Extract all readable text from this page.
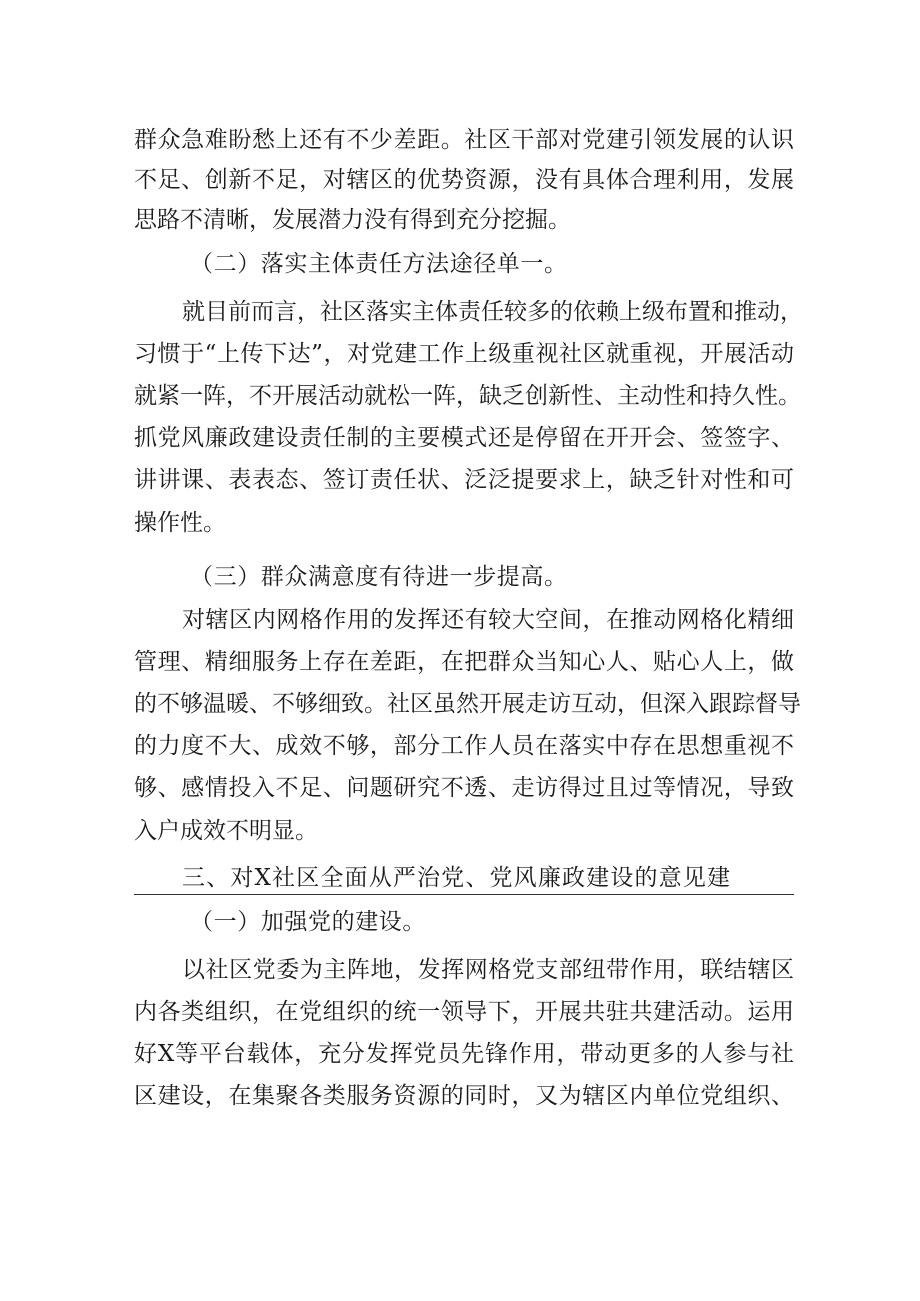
群众急难盼愁上还有不少差距。社区干部对党建引领发展的认识
不足、创新不足，对辖区的优势资源，没有具体合理利用，发展
思路不清晰，发展潜力没有得到充分挖掘。
（二）落实主体责任方法途径单一。
就目前而言，社区落实主体责任较多的依赖上级布置和推动，
习惯于“上传下达”，对党建工作上级重视社区就重视，开展活动
就紧一阵，不开展活动就松一阵，缺乏创新性、主动性和持久性。
抓党风廉政建设责任制的主要模式还是停留在开开会、签签字、
讲讲课、表表态、签订责任状、泛泛提要求上，缺乏针对性和可
操作性。
（三）群众满意度有待进一步提高。
对辖区内网格作用的发挥还有较大空间，在推动网格化精细
管理、精细服务上存在差距，在把群众当知心人、贴心人上，做
的不够温暖、不够细致。社区虽然开展走访互动，但深入跟踪督导
的力度不大、成效不够，部分工作人员在落实中存在思想重视不
够、感情投入不足、问题研究不透、走访得过且过等情况，导致
入户成效不明显。
三、对X社区全面从严治党、党风廉政建设的意见建
（一）加强党的建设。
以社区党委为主阵地，发挥网格党支部纽带作用，联结辖区
内各类组织，在党组织的统一领导下，开展共驻共建活动。运用
好X等平台载体，充分发挥党员先锋作用，带动更多的人参与社
区建设，在集聚各类服务资源的同时，又为辖区内单位党组织、
